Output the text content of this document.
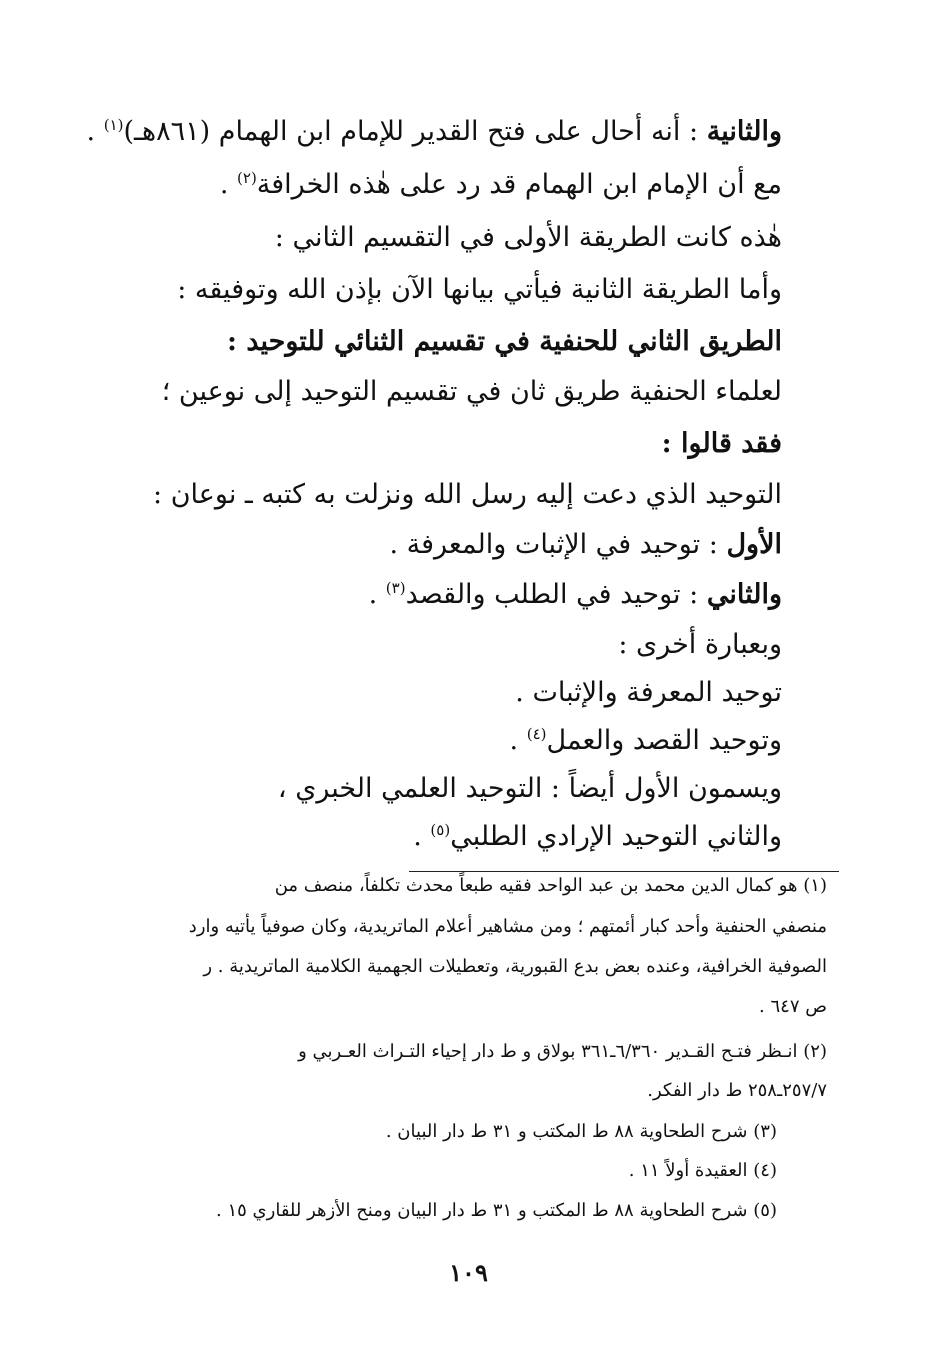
والثانية : أنه أحال على فتح القدير للإمام ابن الهمام (٨٦١هـ)$^{(١)}$ .
مع أن الإمام ابن الهمام قد رد على هٰذه الخرافة$^{(٢)}$ .
هٰذه كانت الطريقة الأولى في التقسيم الثاني :
وأما الطريقة الثانية فيأتي بيانها الآن بإذن الله وتوفيقه :
الطريق الثاني للحنفية في تقسيم الثنائي للتوحيد :
لعلماء الحنفية طريق ثان في تقسيم التوحيد إلى نوعين ؛
فقد قالوا :
التوحيد الذي دعت إليه رسل الله ونزلت به كتبه ـ نوعان :
الأول : توحيد في الإثبات والمعرفة .
والثاني : توحيد في الطلب والقصد$^{(٣)}$ .
وبعبارة أخرى :
توحيد المعرفة والإثبات .
وتوحيد القصد والعمل$^{(٤)}$ .
ويسمون الأول أيضاً : التوحيد العلمي الخبري ،
والثاني التوحيد الإرادي الطلبي$^{(٥)}$ .
(١) هو كمال الدين محمد بن عبد الواحد فقيه طبعاً محدث تكلفاً، منصف من
منصفي الحنفية وأحد كبار أئمتهم ؛ ومن مشاهير أعلام الماتريدية، وكان صوفياً يأتيه وارد
الصوفية الخرافية، وعنده بعض بدع القبورية، وتعطيلات الجهمية الكلامية الماتريدية . ر
ص ٦٤٧ .
(٢) انـظر فتـح القـدير ٦/٣٦٠ـ٣٦١ بولاق و ط دار إحياء التـراث العـربي و
٢٥٧/٧ـ٢٥٨ ط دار الفكر.
(٣) شرح الطحاوية ٨٨ ط المكتب و ٣١ ط دار البيان .
(٤) العقيدة أولاً ١١ .
(٥) شرح الطحاوية ٨٨ ط المكتب و ٣١ ط دار البيان ومنح الأزهر للقاري ١٥ .
١٠٩
